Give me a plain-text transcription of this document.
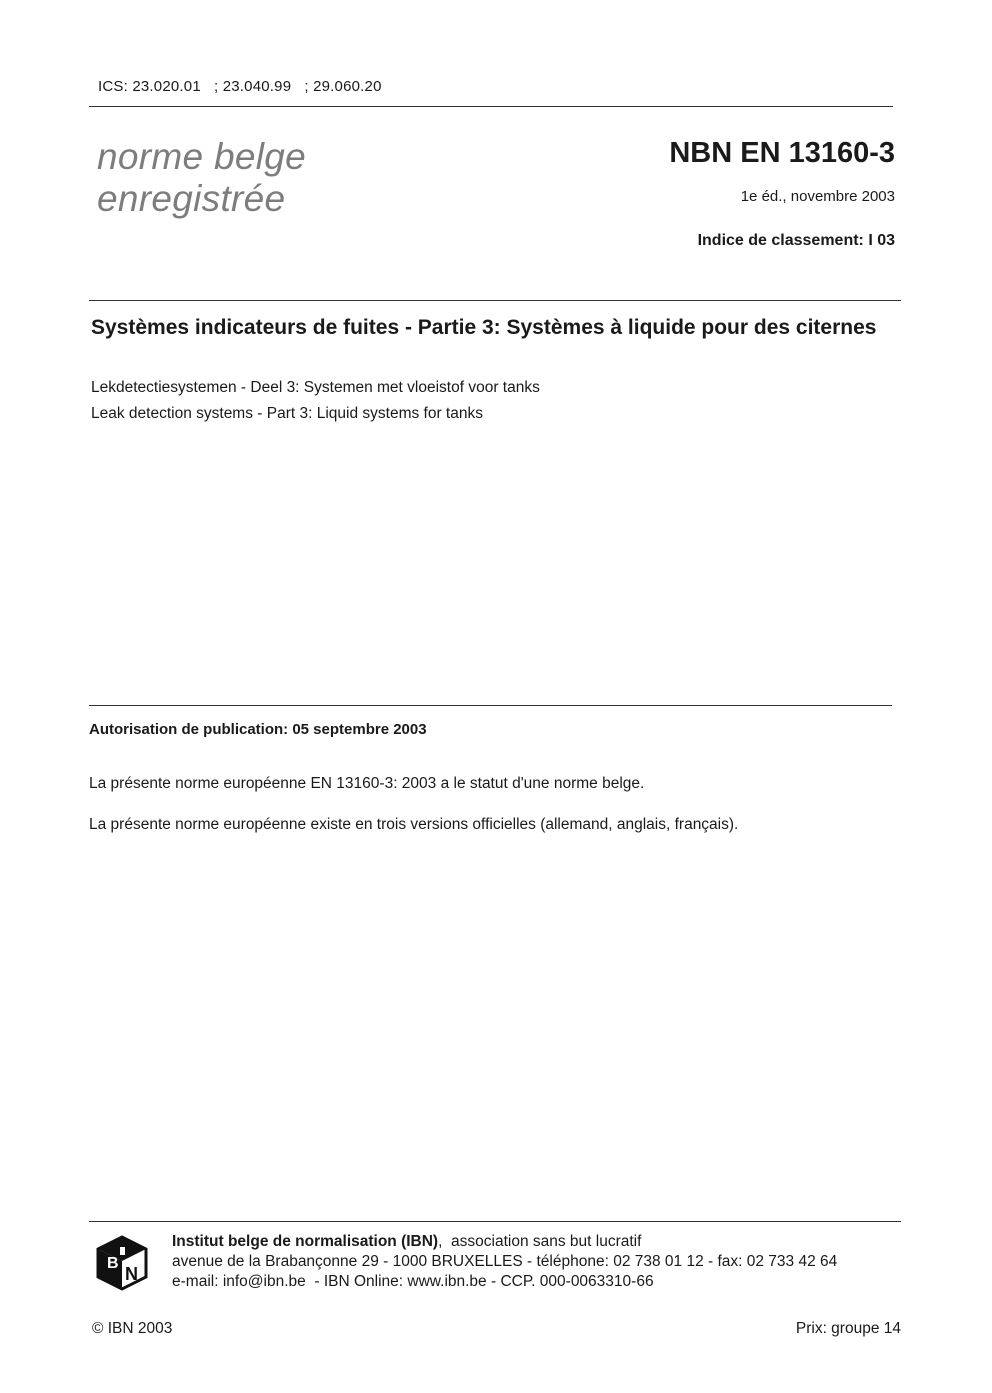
ICS: 23.020.01   ; 23.040.99   ; 29.060.20
norme belge
enregistrée
NBN EN 13160-3
1e éd., novembre 2003
Indice de classement: I 03
Systèmes indicateurs de fuites - Partie 3: Systèmes à liquide pour des citernes
Lekdetectiesystemen - Deel 3: Systemen met vloeistof voor tanks
Leak detection systems - Part 3: Liquid systems for tanks
Autorisation de publication: 05 septembre 2003
La présente norme européenne EN 13160-3: 2003 a le statut d'une norme belge.
La présente norme européenne existe en trois versions officielles (allemand, anglais, français).
B
N
Institut belge de normalisation (IBN),  association sans but lucratif
avenue de la Brabançonne 29 - 1000 BRUXELLES - téléphone: 02 738 01 12 - fax: 02 733 42 64
e-mail: info@ibn.be  - IBN Online: www.ibn.be - CCP. 000-0063310-66
© IBN 2003	Prix: groupe 14
